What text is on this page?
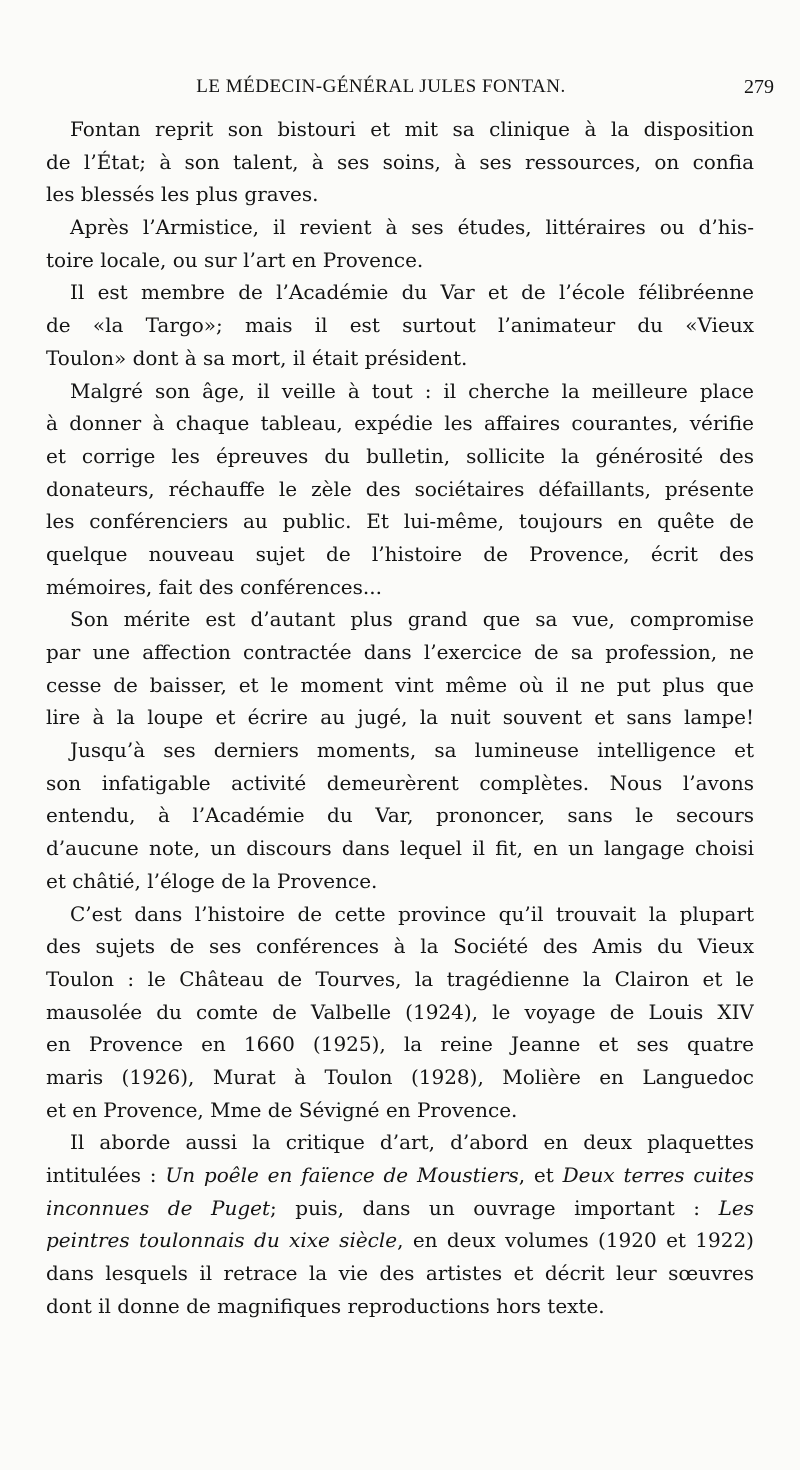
LE MÉDECIN-GÉNÉRAL JULES FONTAN.	279
Fontan reprit son bistouri et mit sa clinique à la disposition
de l’État; à son talent, à ses soins, à ses ressources, on confia
les blessés les plus graves.
Après l’Armistice, il revient à ses études, littéraires ou d’his-
toire locale, ou sur l’art en Provence.
Il est membre de l’Académie du Var et de l’école félibréenne
de «la Targo»; mais il est surtout l’animateur du «Vieux
Toulon» dont à sa mort, il était président.
Malgré son âge, il veille à tout : il cherche la meilleure place
à donner à chaque tableau, expédie les affaires courantes, vérifie
et corrige les épreuves du bulletin, sollicite la générosité des
donateurs, réchauffe le zèle des sociétaires défaillants, présente
les conférenciers au public. Et lui-même, toujours en quête de
quelque nouveau sujet de l’histoire de Provence, écrit des
mémoires, fait des conférences...
Son mérite est d’autant plus grand que sa vue, compromise
par une affection contractée dans l’exercice de sa profession, ne
cesse de baisser, et le moment vint même où il ne put plus que
lire à la loupe et écrire au jugé, la nuit souvent et sans lampe!
Jusqu’à ses derniers moments, sa lumineuse intelligence et
son infatigable activité demeurèrent complètes. Nous l’avons
entendu, à l’Académie du Var, prononcer, sans le secours
d’aucune note, un discours dans lequel il fit, en un langage choisi
et châtié, l’éloge de la Provence.
C’est dans l’histoire de cette province qu’il trouvait la plupart
des sujets de ses conférences à la Société des Amis du Vieux
Toulon : le Château de Tourves, la tragédienne la Clairon et le
mausolée du comte de Valbelle (1924), le voyage de Louis XIV
en Provence en 1660 (1925), la reine Jeanne et ses quatre
maris (1926), Murat à Toulon (1928), Molière en Languedoc
et en Provence, Mme de Sévigné en Provence.
Il aborde aussi la critique d’art, d’abord en deux plaquettes
intitulées : Un poêle en faïence de Moustiers, et Deux terres cuites
inconnues de Puget; puis, dans un ouvrage important : Les
peintres toulonnais du xixe siècle, en deux volumes (1920 et 1922)
dans lesquels il retrace la vie des artistes et décrit leur sœuvres
dont il donne de magnifiques reproductions hors texte.
